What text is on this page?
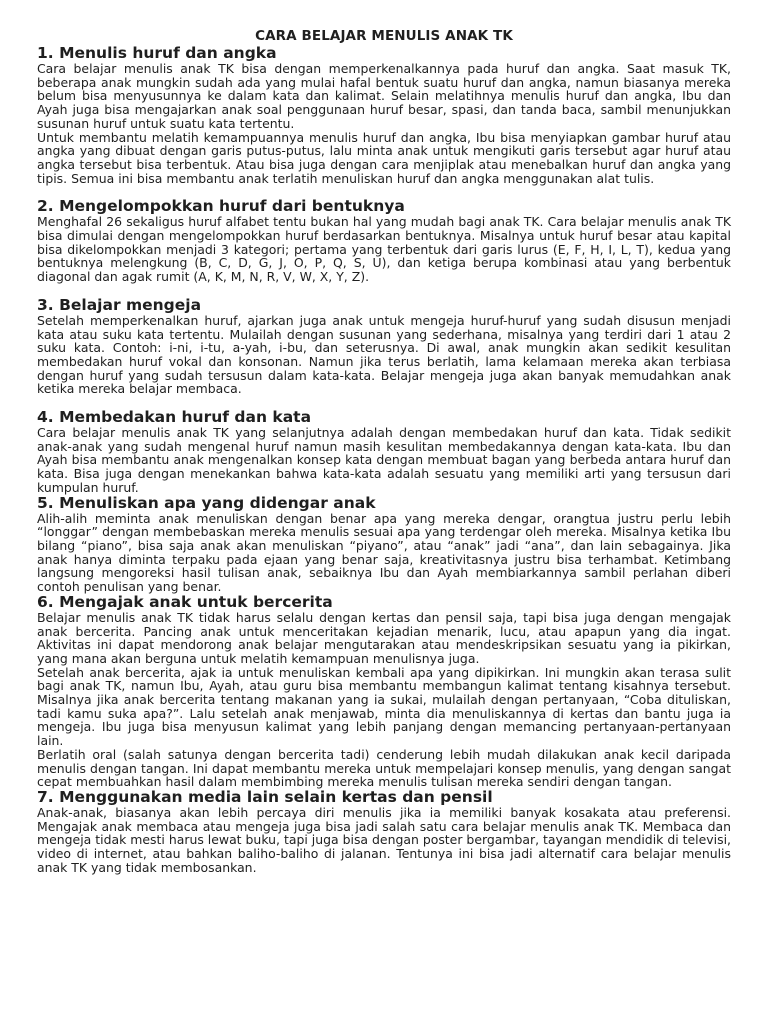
CARA BELAJAR MENULIS ANAK TK
1. Menulis huruf dan angka

Cara belajar menulis anak TK bisa dengan memperkenalkannya pada huruf dan angka. Saat masuk TK, beberapa anak mungkin sudah ada yang mulai hafal bentuk suatu huruf dan angka, namun biasanya mereka belum bisa menyusunnya ke dalam kata dan kalimat. Selain melatihnya menulis huruf dan angka, Ibu dan Ayah juga bisa mengajarkan anak soal penggunaan huruf besar, spasi, dan tanda baca, sambil menunjukkan susunan huruf untuk suatu kata tertentu.

Untuk membantu melatih kemampuannya menulis huruf dan angka, Ibu bisa menyiapkan gambar huruf atau angka yang dibuat dengan garis putus-putus, lalu minta anak untuk mengikuti garis tersebut agar huruf atau angka tersebut bisa terbentuk. Atau bisa juga dengan cara menjiplak atau menebalkan huruf dan angka yang tipis. Semua ini bisa membantu anak terlatih menuliskan huruf dan angka menggunakan alat tulis.

2. Mengelompokkan huruf dari bentuknya

Menghafal 26 sekaligus huruf alfabet tentu bukan hal yang mudah bagi anak TK. Cara belajar menulis anak TK bisa dimulai dengan mengelompokkan huruf berdasarkan bentuknya. Misalnya untuk huruf besar atau kapital bisa dikelompokkan menjadi 3 kategori; pertama yang terbentuk dari garis lurus (E, F, H, I, L, T), kedua yang bentuknya melengkung (B, C, D, G, J, O, P, Q, S, U), dan ketiga berupa kombinasi atau yang berbentuk diagonal dan agak rumit (A, K, M, N, R, V, W, X, Y, Z).

3. Belajar mengeja

Setelah memperkenalkan huruf, ajarkan juga anak untuk mengeja huruf-huruf yang sudah disusun menjadi kata atau suku kata tertentu. Mulailah dengan susunan yang sederhana, misalnya yang terdiri dari 1 atau 2 suku kata. Contoh: i-ni, i-tu, a-yah, i-bu, dan seterusnya. Di awal, anak mungkin akan sedikit kesulitan membedakan huruf vokal dan konsonan. Namun jika terus berlatih, lama kelamaan mereka akan terbiasa dengan huruf yang sudah tersusun dalam kata-kata. Belajar mengeja juga akan banyak memudahkan anak ketika mereka belajar membaca.

4. Membedakan huruf dan kata

Cara belajar menulis anak TK yang selanjutnya adalah dengan membedakan huruf dan kata. Tidak sedikit anak-anak yang sudah mengenal huruf namun masih kesulitan membedakannya dengan kata-kata. Ibu dan Ayah bisa membantu anak mengenalkan konsep kata dengan membuat bagan yang berbeda antara huruf dan kata. Bisa juga dengan menekankan bahwa kata-kata adalah sesuatu yang memiliki arti yang tersusun dari kumpulan huruf.

5. Menuliskan apa yang didengar anak

Alih-alih meminta anak menuliskan dengan benar apa yang mereka dengar, orangtua justru perlu lebih “longgar” dengan membebaskan mereka menulis sesuai apa yang terdengar oleh mereka. Misalnya ketika Ibu bilang “piano”, bisa saja anak akan menuliskan “piyano”, atau “anak” jadi “ana”, dan lain sebagainya. Jika anak hanya diminta terpaku pada ejaan yang benar saja, kreativitasnya justru bisa terhambat. Ketimbang langsung mengoreksi hasil tulisan anak, sebaiknya Ibu dan Ayah membiarkannya sambil perlahan diberi contoh penulisan yang benar.

6. Mengajak anak untuk bercerita

Belajar menulis anak TK tidak harus selalu dengan kertas dan pensil saja, tapi bisa juga dengan mengajak anak bercerita. Pancing anak untuk menceritakan kejadian menarik, lucu, atau apapun yang dia ingat. Aktivitas ini dapat mendorong anak belajar mengutarakan atau mendeskripsikan sesuatu yang ia pikirkan, yang mana akan berguna untuk melatih kemampuan menulisnya juga.

Setelah anak bercerita, ajak ia untuk menuliskan kembali apa yang dipikirkan. Ini mungkin akan terasa sulit bagi anak TK, namun Ibu, Ayah, atau guru bisa membantu membangun kalimat tentang kisahnya tersebut. Misalnya jika anak bercerita tentang makanan yang ia sukai, mulailah dengan pertanyaan, “Coba dituliskan, tadi kamu suka apa?”. Lalu setelah anak menjawab, minta dia menuliskannya di kertas dan bantu juga ia mengeja. Ibu juga bisa menyusun kalimat yang lebih panjang dengan memancing pertanyaan-pertanyaan lain.

Berlatih oral (salah satunya dengan bercerita tadi) cenderung lebih mudah dilakukan anak kecil daripada menulis dengan tangan. Ini dapat membantu mereka untuk mempelajari konsep menulis, yang dengan sangat cepat membuahkan hasil dalam membimbing mereka menulis tulisan mereka sendiri dengan tangan.

7. Menggunakan media lain selain kertas dan pensil

Anak-anak, biasanya akan lebih percaya diri menulis jika ia memiliki banyak kosakata atau preferensi. Mengajak anak membaca atau mengeja juga bisa jadi salah satu cara belajar menulis anak TK. Membaca dan mengeja tidak mesti harus lewat buku, tapi juga bisa dengan poster bergambar, tayangan mendidik di televisi, video di internet, atau bahkan baliho-baliho di jalanan. Tentunya ini bisa jadi alternatif cara belajar menulis anak TK yang tidak membosankan.
